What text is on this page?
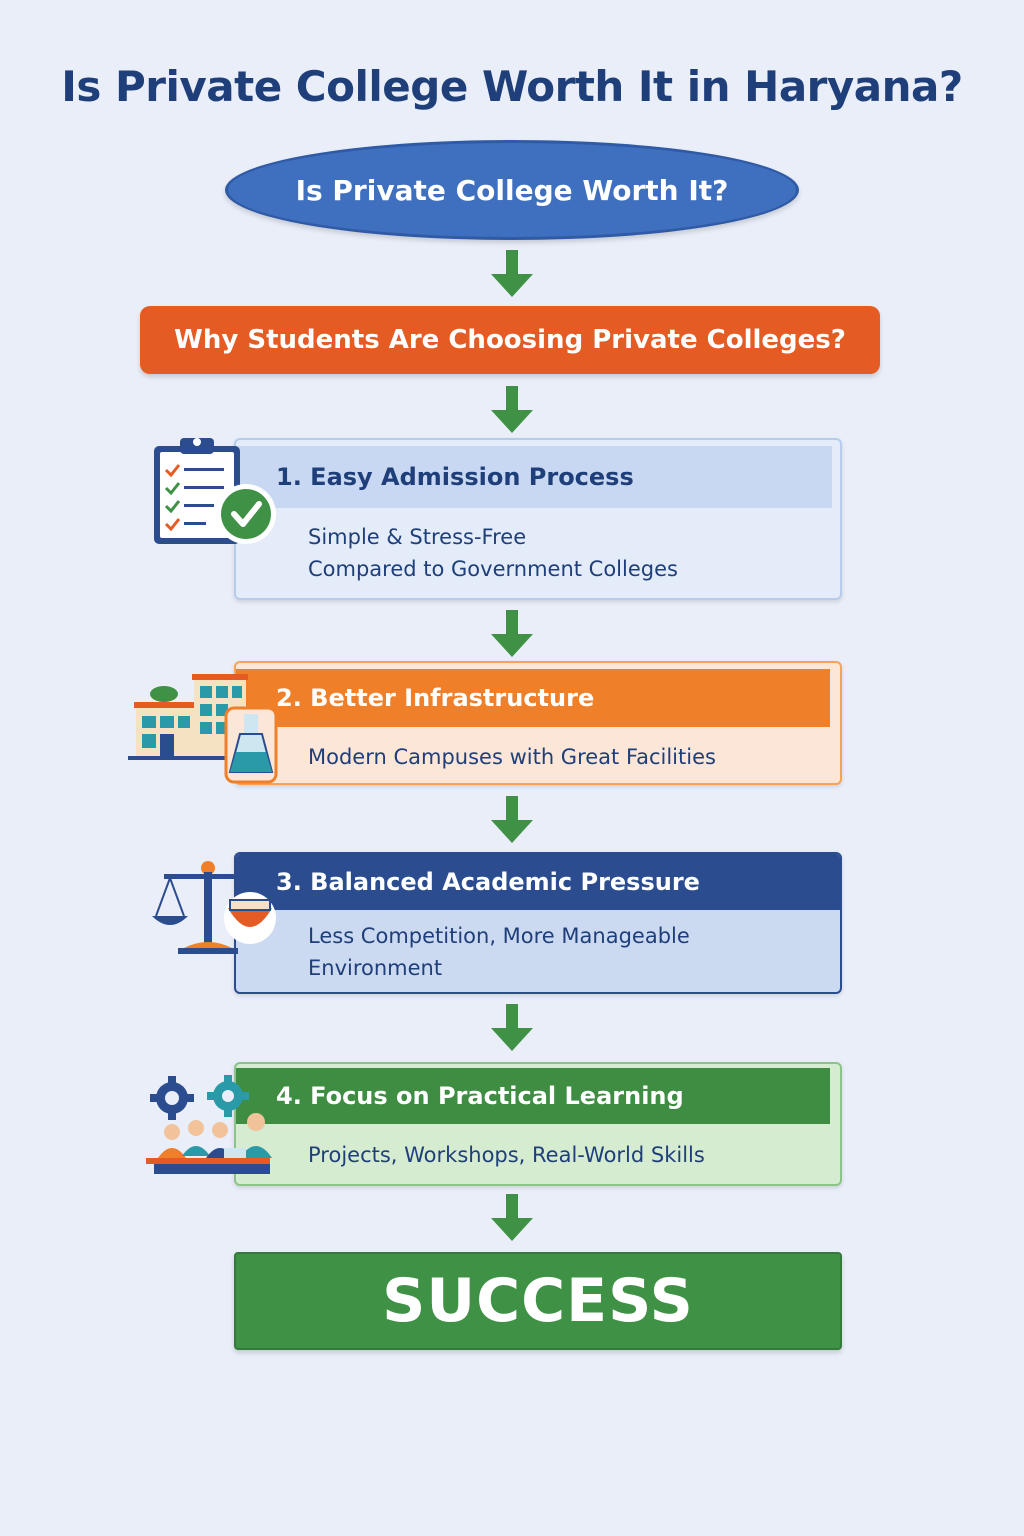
Is Private College Worth It in Haryana?
Is Private College Worth It?
Why Students Are Choosing Private Colleges?
1. Easy Admission Process
Simple & Stress-Free
Compared to Government Colleges
2. Better Infrastructure
Modern Campuses with Great Facilities
3. Balanced Academic Pressure
Less Competition, More Manageable
Environment
4. Focus on Practical Learning
Projects, Workshops, Real-World Skills
SUCCESS
